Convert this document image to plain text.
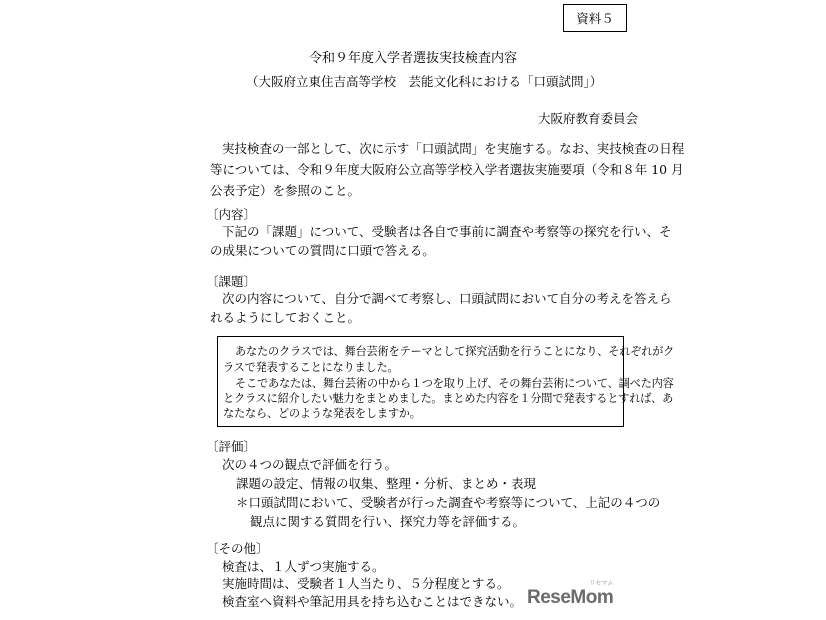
資料５
令和９年度入学者選抜実技検査内容
（大阪府立東住吉高等学校　芸能文化科における「口頭試問」）
大阪府教育委員会
実技検査の一部として、次に示す「口頭試問」を実施する。なお、実技検査の日程
等については、令和９年度大阪府公立高等学校入学者選抜実施要項（令和８年 10 月
公表予定）を参照のこと。
〔内容〕
下記の「課題」について、受験者は各自で事前に調査や考察等の探究を行い、そ
の成果についての質問に口頭で答える。
〔課題〕
次の内容について、自分で調べて考察し、口頭試問において自分の考えを答えら
れるようにしておくこと。
あなたのクラスでは、舞台芸術をテーマとして探究活動を行うことになり、それぞれがク
ラスで発表することになりました。
そこであなたは、舞台芸術の中から１つを取り上げ、その舞台芸術について、調べた内容
とクラスに紹介したい魅力をまとめました。まとめた内容を１分間で発表するとすれば、あ
なたなら、どのような発表をしますか。
〔評価〕
次の４つの観点で評価を行う。
課題の設定、情報の収集、整理・分析、まとめ・表現
＊口頭試問において、受験者が行った調査や考察等について、上記の４つの
観点に関する質問を行い、探究力等を評価する。
〔その他〕
検査は、１人ずつ実施する。
実施時間は、受験者１人当たり、５分程度とする。
検査室へ資料や筆記用具を持ち込むことはできない。 ReseMom
リセマム
